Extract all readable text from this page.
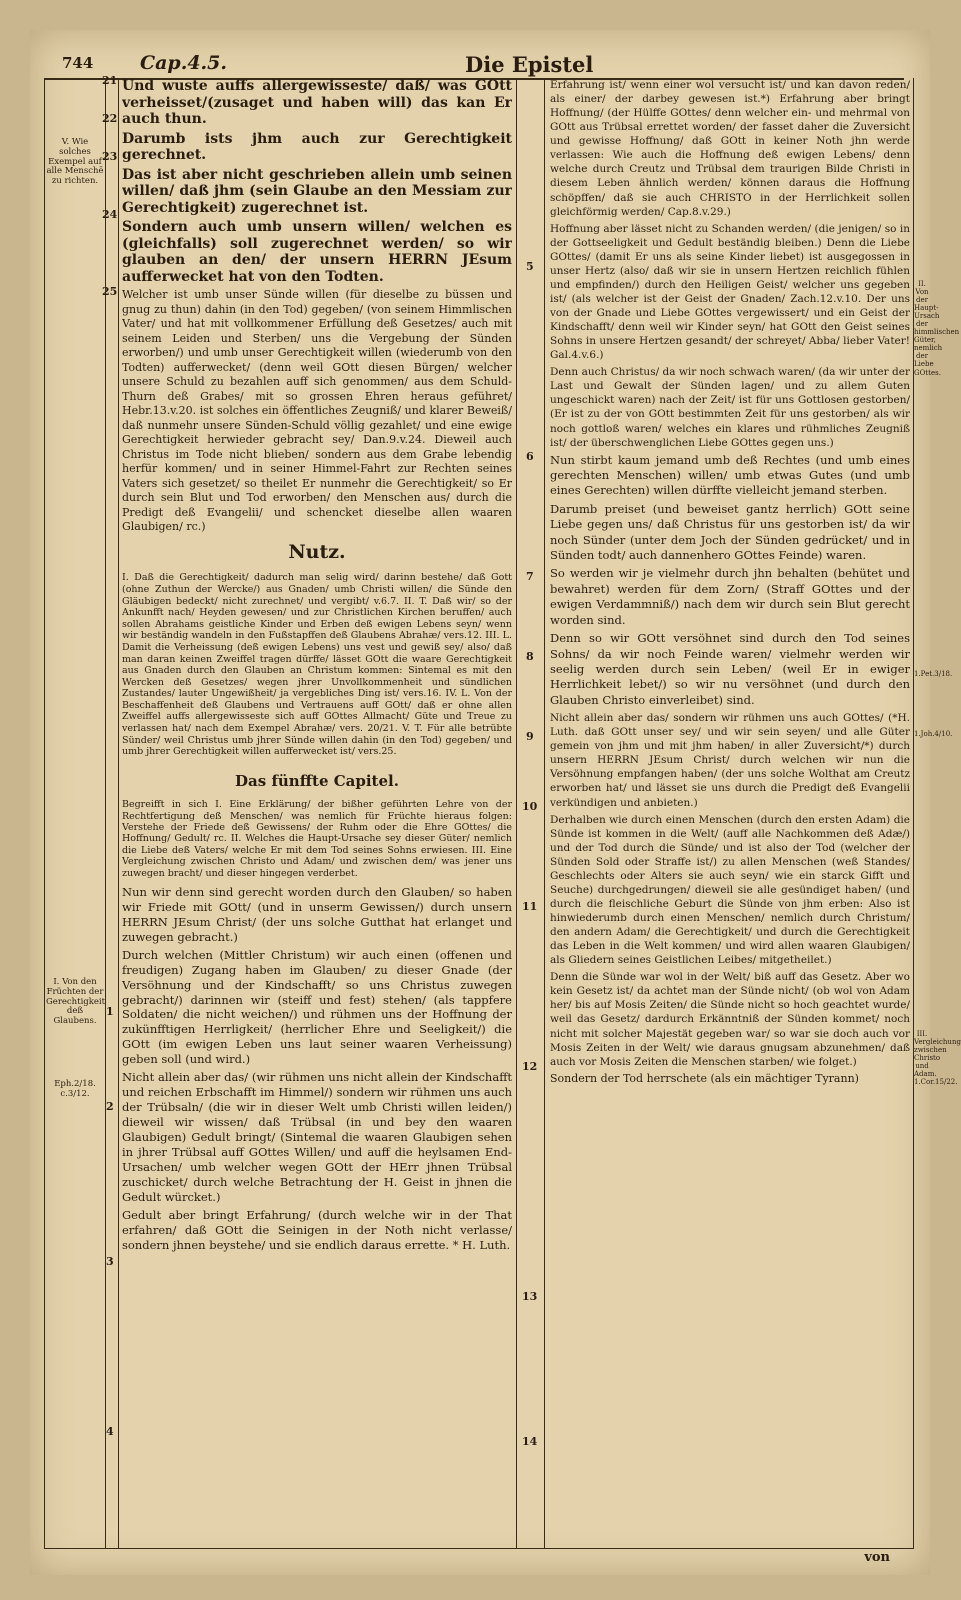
744 Cap.4.5.	Die Epistel
V. Wie solches Exempel auf alle Menschē zu richten.
I. Von den Früchten der Gerechtigkeit deß Glaubens.
Eph.2/18. c.3/12.
II. Von der Haupt-Ursach der himmlischen Güter, nemlich der Liebe GOttes.
1.Pet.3/18.
1.Joh.4/10.
III. Vergleichung zwischen Christo und Adam. 1.Cor.15/22.
21
22
23
24
25
1
2
3
4
5
6
7
8
9
10
11
12
13
14

Und wuste auffs allergewisseste/ daß/ was GOtt verheisset/(zusaget und haben will) das kan Er auch thun.

Darumb ists jhm auch zur Gerechtigkeit gerechnet.

Das ist aber nicht geschrieben allein umb seinen willen/ daß jhm (sein Glaube an den Messiam zur Gerechtigkeit) zugerechnet ist.

Sondern auch umb unsern willen/ welchen es (gleichfalls) soll zugerechnet werden/ so wir glauben an den/ der unsern HERRN JEsum aufferwecket hat von den Todten.

Welcher ist umb unser Sünde willen (für dieselbe zu büssen und gnug zu thun) dahin (in den Tod) gegeben/ (von seinem Himmlischen Vater/ und hat mit vollkommener Erfüllung deß Gesetzes/ auch mit seinem Leiden und Sterben/ uns die Vergebung der Sünden erworben/) und umb unser Gerechtigkeit willen (wiederumb von den Todten) aufferwecket/ (denn weil GOtt diesen Bürgen/ welcher unsere Schuld zu bezahlen auff sich genommen/ aus dem Schuld-Thurn deß Grabes/ mit so grossen Ehren heraus geführet/ Hebr.13.v.20. ist solches ein öffentliches Zeugniß/ und klarer Beweiß/ daß nunmehr unsere Sünden-Schuld völlig gezahlet/ und eine ewige Gerechtigkeit herwieder gebracht sey/ Dan.9.v.24. Dieweil auch Christus im Tode nicht blieben/ sondern aus dem Grabe lebendig herfür kommen/ und in seiner Himmel-Fahrt zur Rechten seines Vaters sich gesetzet/ so theilet Er nunmehr die Gerechtigkeit/ so Er durch sein Blut und Tod erworben/ den Menschen aus/ durch die Predigt deß Evangelii/ und schencket dieselbe allen waaren Glaubigen/ rc.)

Nutz.

I. Daß die Gerechtigkeit/ dadurch man selig wird/ darinn bestehe/ daß Gott (ohne Zuthun der Wercke/) aus Gnaden/ umb Christi willen/ die Sünde den Gläubigen bedeckt/ nicht zurechnet/ und vergibt/ v.6.7. II. T. Daß wir/ so der Ankunfft nach/ Heyden gewesen/ und zur Christlichen Kirchen beruffen/ auch sollen Abrahams geistliche Kinder und Erben deß ewigen Lebens seyn/ wenn wir beständig wandeln in den Fußstapffen deß Glaubens Abrahæ/ vers.12. III. L. Damit die Verheissung (deß ewigen Lebens) uns vest und gewiß sey/ also/ daß man daran keinen Zweiffel tragen dürffe/ lässet GOtt die waare Gerechtigkeit aus Gnaden durch den Glauben an Christum kommen: Sintemal es mit den Wercken deß Gesetzes/ wegen jhrer Unvollkommenheit und sündlichen Zustandes/ lauter Ungewißheit/ ja vergebliches Ding ist/ vers.16. IV. L. Von der Beschaffenheit deß Glaubens und Vertrauens auff GOtt/ daß er ohne allen Zweiffel auffs allergewisseste sich auff GOttes Allmacht/ Güte und Treue zu verlassen hat/ nach dem Exempel Abrahæ/ vers. 20/21. V. T. Für alle betrübte Sünder/ weil Christus umb jhrer Sünde willen dahin (in den Tod) gegeben/ und umb jhrer Gerechtigkeit willen aufferwecket ist/ vers.25.

Das fünffte Capitel.

Begreifft in sich I. Eine Erklärung/ der bißher geführten Lehre von der Rechtfertigung deß Menschen/ was nemlich für Früchte hieraus folgen: Verstehe der Friede deß Gewissens/ der Ruhm oder die Ehre GOttes/ die Hoffnung/ Gedult/ rc. II. Welches die Haupt-Ursache sey dieser Güter/ nemlich die Liebe deß Vaters/ welche Er mit dem Tod seines Sohns erwiesen. III. Eine Vergleichung zwischen Christo und Adam/ und zwischen dem/ was jener uns zuwegen bracht/ und dieser hingegen verderbet.

Nun wir denn sind gerecht worden durch den Glauben/ so haben wir Friede mit GOtt/ (und in unserm Gewissen/) durch unsern HERRN JEsum Christ/ (der uns solche Gutthat hat erlanget und zuwegen gebracht.)

Durch welchen (Mittler Christum) wir auch einen (offenen und freudigen) Zugang haben im Glauben/ zu dieser Gnade (der Versöhnung und der Kindschafft/ so uns Christus zuwegen gebracht/) darinnen wir (steiff und fest) stehen/ (als tappfere Soldaten/ die nicht weichen/) und rühmen uns der Hoffnung der zukünfftigen Herrligkeit/ (herrlicher Ehre und Seeligkeit/) die GOtt (im ewigen Leben uns laut seiner waaren Verheissung) geben soll (und wird.)

Nicht allein aber das/ (wir rühmen uns nicht allein der Kindschafft und reichen Erbschafft im Himmel/) sondern wir rühmen uns auch der Trübsaln/ (die wir in dieser Welt umb Christi willen leiden/) dieweil wir wissen/ daß Trübsal (in und bey den waaren Glaubigen) Gedult bringt/ (Sintemal die waaren Glaubigen sehen in jhrer Trübsal auff GOttes Willen/ und auff die heylsamen End-Ursachen/ umb welcher wegen GOtt der HErr jhnen Trübsal zuschicket/ durch welche Betrachtung der H. Geist in jhnen die Gedult würcket.)

Gedult aber bringt Erfahrung/ (durch welche wir in der That erfahren/ daß GOtt die Seinigen in der Noth nicht verlasse/ sondern jhnen beystehe/ und sie endlich daraus errette. * H. Luth.

Erfahrung ist/ wenn einer wol versucht ist/ und kan davon reden/ als einer/ der darbey gewesen ist.*) Erfahrung aber bringt Hoffnung/ (der Hülffe GOttes/ denn welcher ein- und mehrmal von GOtt aus Trübsal errettet worden/ der fasset daher die Zuversicht und gewisse Hoffnung/ daß GOtt in keiner Noth jhn werde verlassen: Wie auch die Hoffnung deß ewigen Lebens/ denn welche durch Creutz und Trübsal dem traurigen Bilde Christi in diesem Leben ähnlich werden/ können daraus die Hoffnung schöpffen/ daß sie auch CHRISTO in der Herrlichkeit sollen gleichförmig werden/ Cap.8.v.29.)

Hoffnung aber lässet nicht zu Schanden werden/ (die jenigen/ so in der Gottseeligkeit und Gedult beständig bleiben.) Denn die Liebe GOttes/ (damit Er uns als seine Kinder liebet) ist ausgegossen in unser Hertz (also/ daß wir sie in unsern Hertzen reichlich fühlen und empfinden/) durch den Heiligen Geist/ welcher uns gegeben ist/ (als welcher ist der Geist der Gnaden/ Zach.12.v.10. Der uns von der Gnade und Liebe GOttes vergewissert/ und ein Geist der Kindschafft/ denn weil wir Kinder seyn/ hat GOtt den Geist seines Sohns in unsere Hertzen gesandt/ der schreyet/ Abba/ lieber Vater! Gal.4.v.6.)

Denn auch Christus/ da wir noch schwach waren/ (da wir unter der Last und Gewalt der Sünden lagen/ und zu allem Guten ungeschickt waren) nach der Zeit/ ist für uns Gottlosen gestorben/ (Er ist zu der von GOtt bestimmten Zeit für uns gestorben/ als wir noch gottloß waren/ welches ein klares und rühmliches Zeugniß ist/ der überschwenglichen Liebe GOttes gegen uns.)

Nun stirbt kaum jemand umb deß Rechtes (und umb eines gerechten Menschen) willen/ umb etwas Gutes (und umb eines Gerechten) willen dürffte vielleicht jemand sterben.

Darumb preiset (und beweiset gantz herrlich) GOtt seine Liebe gegen uns/ daß Christus für uns gestorben ist/ da wir noch Sünder (unter dem Joch der Sünden gedrücket/ und in Sünden todt/ auch dannenhero GOttes Feinde) waren.

So werden wir je vielmehr durch jhn behalten (behütet und bewahret) werden für dem Zorn/ (Straff GOttes und der ewigen Verdammniß/) nach dem wir durch sein Blut gerecht worden sind.

Denn so wir GOtt versöhnet sind durch den Tod seines Sohns/ da wir noch Feinde waren/ vielmehr werden wir seelig werden durch sein Leben/ (weil Er in ewiger Herrlichkeit lebet/) so wir nu versöhnet (und durch den Glauben Christo einverleibet) sind.

Nicht allein aber das/ sondern wir rühmen uns auch GOttes/ (*H. Luth. daß GOtt unser sey/ und wir sein seyen/ und alle Güter gemein von jhm und mit jhm haben/ in aller Zuversicht/*) durch unsern HERRN JEsum Christ/ durch welchen wir nun die Versöhnung empfangen haben/ (der uns solche Wolthat am Creutz erworben hat/ und lässet sie uns durch die Predigt deß Evangelii verkündigen und anbieten.)

Derhalben wie durch einen Menschen (durch den ersten Adam) die Sünde ist kommen in die Welt/ (auff alle Nachkommen deß Adæ/) und der Tod durch die Sünde/ und ist also der Tod (welcher der Sünden Sold oder Straffe ist/) zu allen Menschen (weß Standes/ Geschlechts oder Alters sie auch seyn/ wie ein starck Gifft und Seuche) durchgedrungen/ dieweil sie alle gesündiget haben/ (und durch die fleischliche Geburt die Sünde von jhm erben: Also ist hinwiederumb durch einen Menschen/ nemlich durch Christum/ den andern Adam/ die Gerechtigkeit/ und durch die Gerechtigkeit das Leben in die Welt kommen/ und wird allen waaren Glaubigen/ als Gliedern seines Geistlichen Leibes/ mitgetheilet.)

Denn die Sünde war wol in der Welt/ biß auff das Gesetz. Aber wo kein Gesetz ist/ da achtet man der Sünde nicht/ (ob wol von Adam her/ bis auf Mosis Zeiten/ die Sünde nicht so hoch geachtet wurde/ weil das Gesetz/ dardurch Erkänntniß der Sünden kommet/ noch nicht mit solcher Majestät gegeben war/ so war sie doch auch vor Mosis Zeiten in der Welt/ wie daraus gnugsam abzunehmen/ daß auch vor Mosis Zeiten die Menschen starben/ wie folget.)

Sondern der Tod herrschete (als ein mächtiger Tyrann)

von
